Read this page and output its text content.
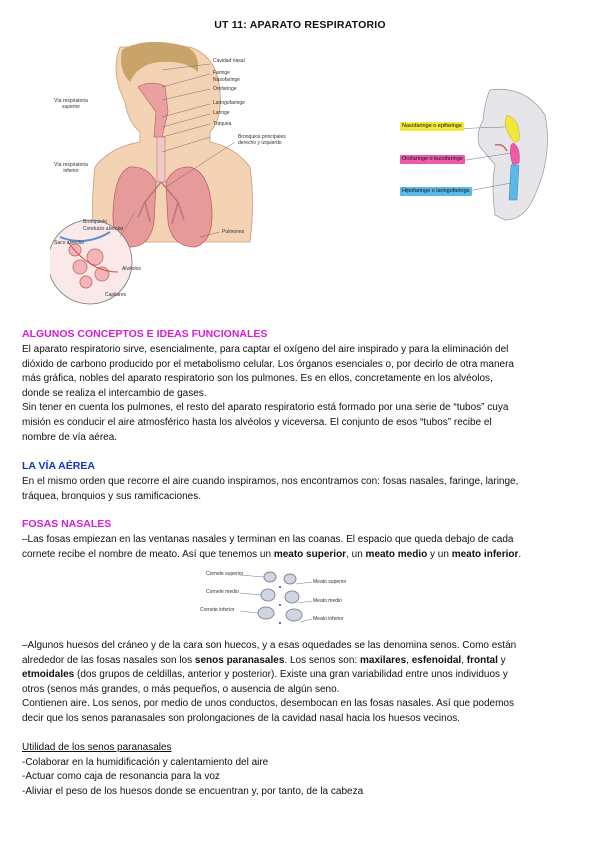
UT 11: APARATO RESPIRATORIO
Cavidad nasal
Faringe
Nasofaringe
Orofaringe
Laringofaringe
Laringe
Tráquea
Bronquios principales derecho y izquierdo
Vía respiratoria superior
Vía respiratoria inferior
Pulmones
Bronquiolo
Conducto alveolar
Saco alveolar
Alvéolos
Capilares
Nasofaringe o epifaringe
Orofaringe o bucofaringe
Hipofaringe o laringofaringe
ALGUNOS CONCEPTOS E IDEAS FUNCIONALES
El aparato respiratorio sirve, esencialmente, para captar el oxígeno del aire inspirado y para la eliminación del
dióxido de carbono producido por el metabolismo celular. Los órganos esenciales o, por decirlo de otra manera
más gráfica, nobles del aparato respiratorio son los pulmones. Es en ellos, concretamente en los alvéolos,
donde se realiza el intercambio de gases.
Sin tener en cuenta los pulmones, el resto del aparato respiratorio está formado por una serie de “tubos” cuya
misión es conducir el aire atmosférico hasta los alvéolos y viceversa. El conjunto de esos “tubos” recibe el
nombre de vía aérea.
LA VÍA AÉREA
En el mismo orden que recorre el aire cuando inspiramos, nos encontramos con: fosas nasales, faringe, laringe,
tráquea, bronquios y sus ramificaciones.
FOSAS NASALES
–Las fosas empiezan en las ventanas nasales y terminan en las coanas. El espacio que queda debajo de cada
cornete recibe el nombre de meato. Así que tenemos un meato superior, un meato medio y un meato inferior.
Cornete superior
Cornete medio
Cornete inferior
Meato superior
Meato medio
Meato inferior
–Algunos huesos del cráneo y de la cara son huecos, y a esas oquedades se las denomina senos. Como están
alrededor de las fosas nasales son los senos paranasales. Los senos son: maxilares, esfenoidal, frontal y
etmoidales (dos grupos de celdillas, anterior y posterior). Existe una gran variabilidad entre unos individuos y
otros (senos más grandes, o más pequeños, o ausencia de algún seno.
Contienen aire. Los senos, por medio de unos conductos, desembocan en las fosas nasales. Así que podemos
decir que los senos paranasales son prolongaciones de la cavidad nasal hacia los huesos vecinos.
Utilidad de los senos paranasales
-Colaborar en la humidificación y calentamiento del aire
-Actuar como caja de resonancia para la voz
-Aliviar el peso de los huesos donde se encuentran y, por tanto, de la cabeza
